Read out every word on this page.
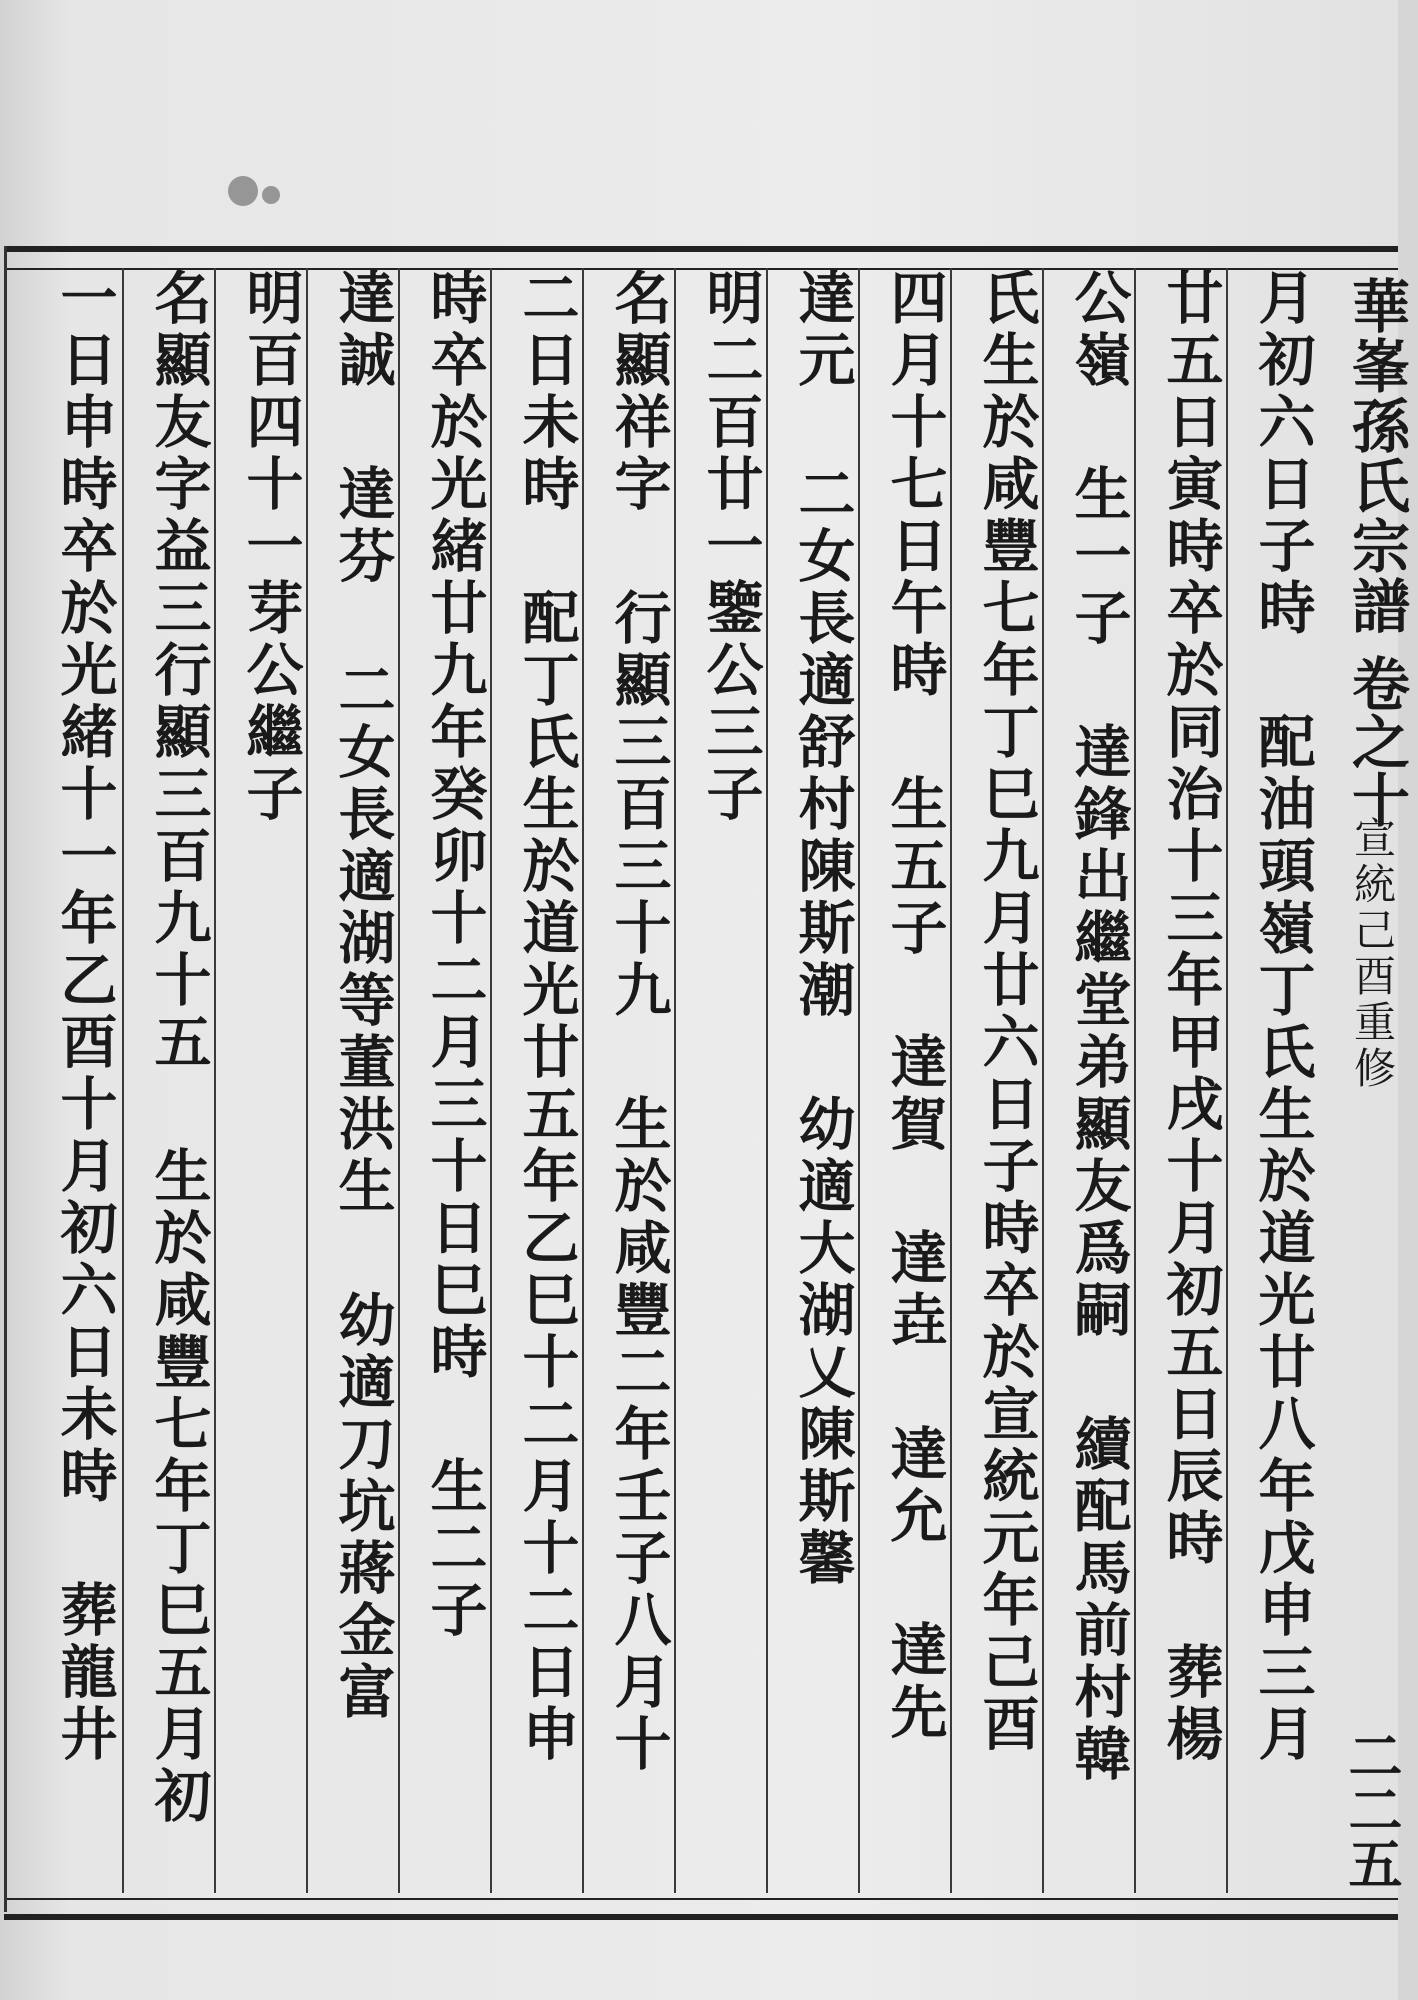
華峯孫氏宗譜
卷之十
宣統己酉重修
二二五
月初六日子時 配油頭嶺丁氏生於道光廿八年戊申三月
廿五日寅時卒於同治十三年甲戌十月初五日辰時 葬楊
公嶺 生一子 達鋒出繼堂弟顯友爲嗣 續配馬前村韓
氏生於咸豐七年丁巳九月廿六日子時卒於宣統元年己酉
四月十七日午時 生五子 達賀 達垚 達允 達先
達元 二女長適舒村陳斯潮 幼適大湖乂陳斯馨
明二百廿一鑒公三子
名顯祥字 行顯三百三十九 生於咸豐二年壬子八月十
二日未時 配丁氏生於道光廿五年乙巳十二月十二日申
時卒於光緒廿九年癸卯十二月三十日巳時 生二子
達誠 達芬 二女長適湖等董洪生 幼適刀坑蔣金富
明百四十一芽公繼子
名顯友字益三行顯三百九十五 生於咸豐七年丁巳五月初
一日申時卒於光緒十一年乙酉十月初六日未時 葬龍井
